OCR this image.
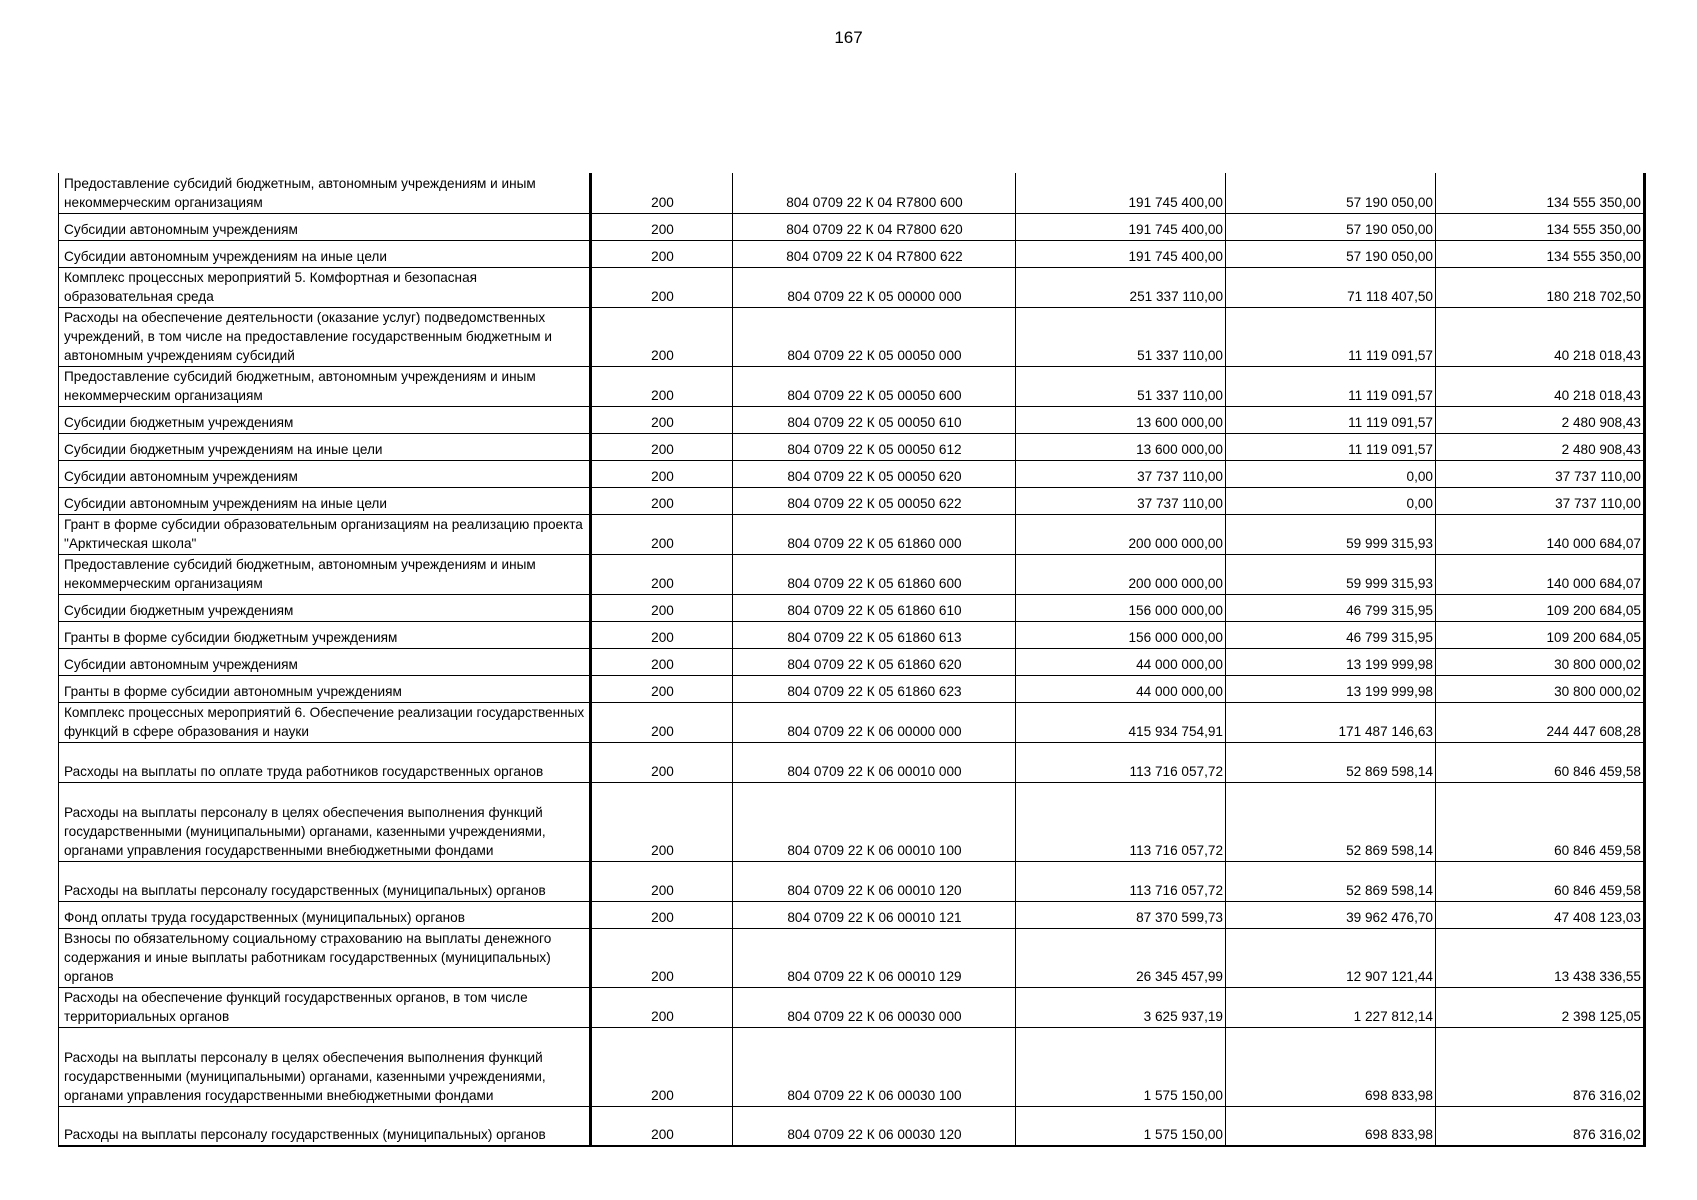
167
Предоставление субсидий бюджетным, автономным учреждениям и иным некоммерческим организациям	200	804 0709 22 К 04 R7800 600	191 745 400,00	57 190 050,00	134 555 350,00
Субсидии автономным учреждениям	200	804 0709 22 К 04 R7800 620	191 745 400,00	57 190 050,00	134 555 350,00
Субсидии автономным учреждениям на иные цели	200	804 0709 22 К 04 R7800 622	191 745 400,00	57 190 050,00	134 555 350,00
Комплекс процессных мероприятий 5. Комфортная и безопасная образовательная среда	200	804 0709 22 К 05 00000 000	251 337 110,00	71 118 407,50	180 218 702,50
Расходы на обеспечение деятельности (оказание услуг) подведомственных учреждений, в том числе на предоставление государственным бюджетным и автономным учреждениям субсидий	200	804 0709 22 К 05 00050 000	51 337 110,00	11 119 091,57	40 218 018,43
Предоставление субсидий бюджетным, автономным учреждениям и иным некоммерческим организациям	200	804 0709 22 К 05 00050 600	51 337 110,00	11 119 091,57	40 218 018,43
Субсидии бюджетным учреждениям	200	804 0709 22 К 05 00050 610	13 600 000,00	11 119 091,57	2 480 908,43
Субсидии бюджетным учреждениям на иные цели	200	804 0709 22 К 05 00050 612	13 600 000,00	11 119 091,57	2 480 908,43
Субсидии автономным учреждениям	200	804 0709 22 К 05 00050 620	37 737 110,00	0,00	37 737 110,00
Субсидии автономным учреждениям на иные цели	200	804 0709 22 К 05 00050 622	37 737 110,00	0,00	37 737 110,00
Грант в форме субсидии образовательным организациям на реализацию проекта "Арктическая школа"	200	804 0709 22 К 05 61860 000	200 000 000,00	59 999 315,93	140 000 684,07
Предоставление субсидий бюджетным, автономным учреждениям и иным некоммерческим организациям	200	804 0709 22 К 05 61860 600	200 000 000,00	59 999 315,93	140 000 684,07
Субсидии бюджетным учреждениям	200	804 0709 22 К 05 61860 610	156 000 000,00	46 799 315,95	109 200 684,05
Гранты в форме субсидии бюджетным учреждениям	200	804 0709 22 К 05 61860 613	156 000 000,00	46 799 315,95	109 200 684,05
Субсидии автономным учреждениям	200	804 0709 22 К 05 61860 620	44 000 000,00	13 199 999,98	30 800 000,02
Гранты в форме субсидии автономным учреждениям	200	804 0709 22 К 05 61860 623	44 000 000,00	13 199 999,98	30 800 000,02
Комплекс процессных мероприятий 6. Обеспечение реализации государственных функций в сфере образования и науки	200	804 0709 22 К 06 00000 000	415 934 754,91	171 487 146,63	244 447 608,28
Расходы на выплаты по оплате труда работников государственных органов	200	804 0709 22 К 06 00010 000	113 716 057,72	52 869 598,14	60 846 459,58
Расходы на выплаты персоналу в целях обеспечения выполнения функций государственными (муниципальными) органами, казенными учреждениями, органами управления государственными внебюджетными фондами	200	804 0709 22 К 06 00010 100	113 716 057,72	52 869 598,14	60 846 459,58
Расходы на выплаты персоналу государственных (муниципальных) органов	200	804 0709 22 К 06 00010 120	113 716 057,72	52 869 598,14	60 846 459,58
Фонд оплаты труда государственных (муниципальных) органов	200	804 0709 22 К 06 00010 121	87 370 599,73	39 962 476,70	47 408 123,03
Взносы по обязательному социальному страхованию на выплаты денежного содержания и иные выплаты работникам государственных (муниципальных) органов	200	804 0709 22 К 06 00010 129	26 345 457,99	12 907 121,44	13 438 336,55
Расходы на обеспечение функций государственных органов, в том числе территориальных органов	200	804 0709 22 К 06 00030 000	3 625 937,19	1 227 812,14	2 398 125,05
Расходы на выплаты персоналу в целях обеспечения выполнения функций государственными (муниципальными) органами, казенными учреждениями, органами управления государственными внебюджетными фондами	200	804 0709 22 К 06 00030 100	1 575 150,00	698 833,98	876 316,02
Расходы на выплаты персоналу государственных (муниципальных) органов	200	804 0709 22 К 06 00030 120	1 575 150,00	698 833,98	876 316,02
